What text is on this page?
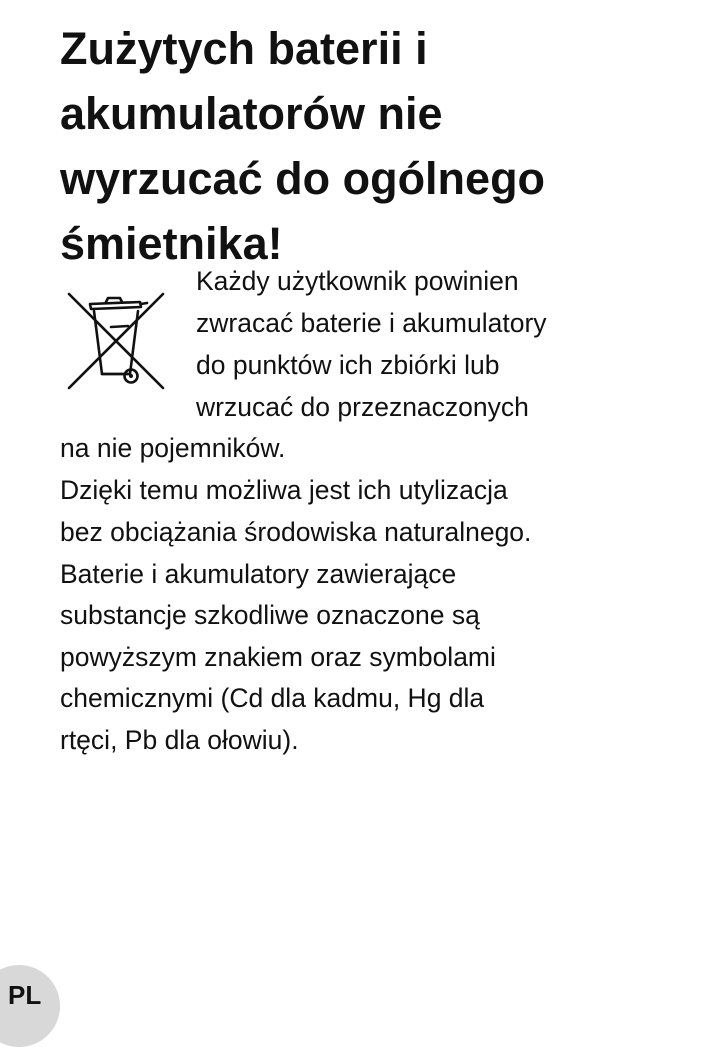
Zużytych baterii i
akumulatorów nie
wyrzucać do ogólnego
śmietnika!

Każdy użytkownik powinien

zwracać baterie i akumulatory

do punktów ich zbiórki lub

wrzucać do przeznaczonych

na nie pojemników.

Dzięki temu możliwa jest ich utylizacja

bez obciążania środowiska naturalnego.

Baterie i akumulatory zawierające

substancje szkodliwe oznaczone są

powyższym znakiem oraz symbolami

chemicznymi (Cd dla kadmu, Hg dla

rtęci, Pb dla ołowiu).

PL
